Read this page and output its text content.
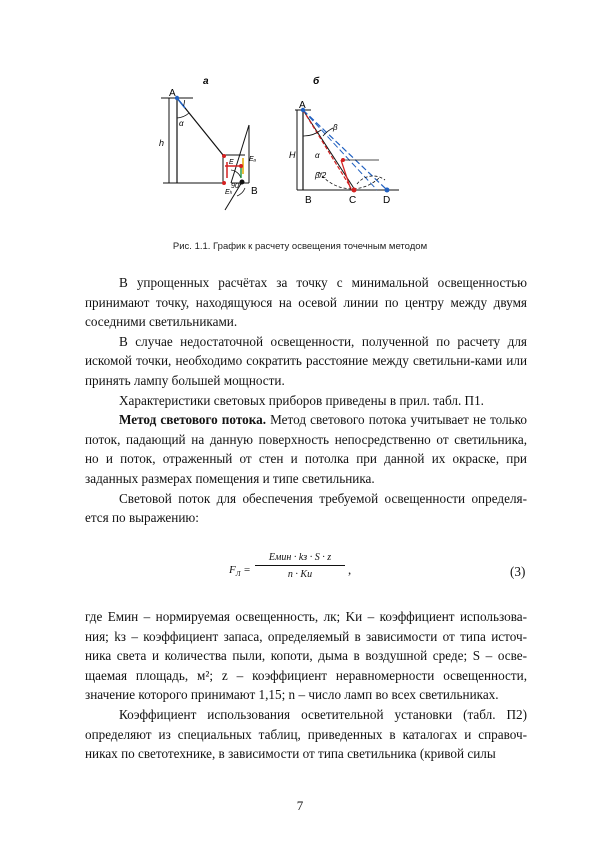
а	б
A
I
α
h
E Eₐ
Eₕ
90° B
A
H
β
α
β/2
B	C	D
Рис. 1.1. График к расчету освещения точечным методом

В упрощенных расчётах за точку с минимальной освещенностью принимают точку, находящуюся на осевой линии по центру между двумя соседними светильниками.

В случае недостаточной освещенности, полученной по расчету для искомой точки, необходимо сократить расстояние между светильни-ками или принять лампу большей мощности.

Характеристики световых приборов приведены в прил. табл. П1.

Метод светового потока. Метод светового потока учитывает не только поток, падающий на данную поверхность непосредственно от светильника, но и поток, отраженный от стен и потолка при данной их окраске, при заданных размерах помещения и типе светильника.

Световой поток для обеспечения требуемой освещенности определя-ется по выражению:

$F_Л$ =
Eмин · kз · S · z
n · Kи	,	(3)

где Eмин – нормируемая освещенность, лк; Kи – коэффициент использова-ния; kз – коэффициент запаса, определяемый в зависимости от типа источ-ника света и количества пыли, копоти, дыма в воздушной среде; S – осве-щаемая площадь, м²; z – коэффициент неравномерности освещенности, значение которого принимают 1,15; n – число ламп во всех светильниках.

Коэффициент использования осветительной установки (табл. П2) определяют из специальных таблиц, приведенных в каталогах и справоч-никах по светотехнике, в зависимости от типа светильника (кривой силы

7
